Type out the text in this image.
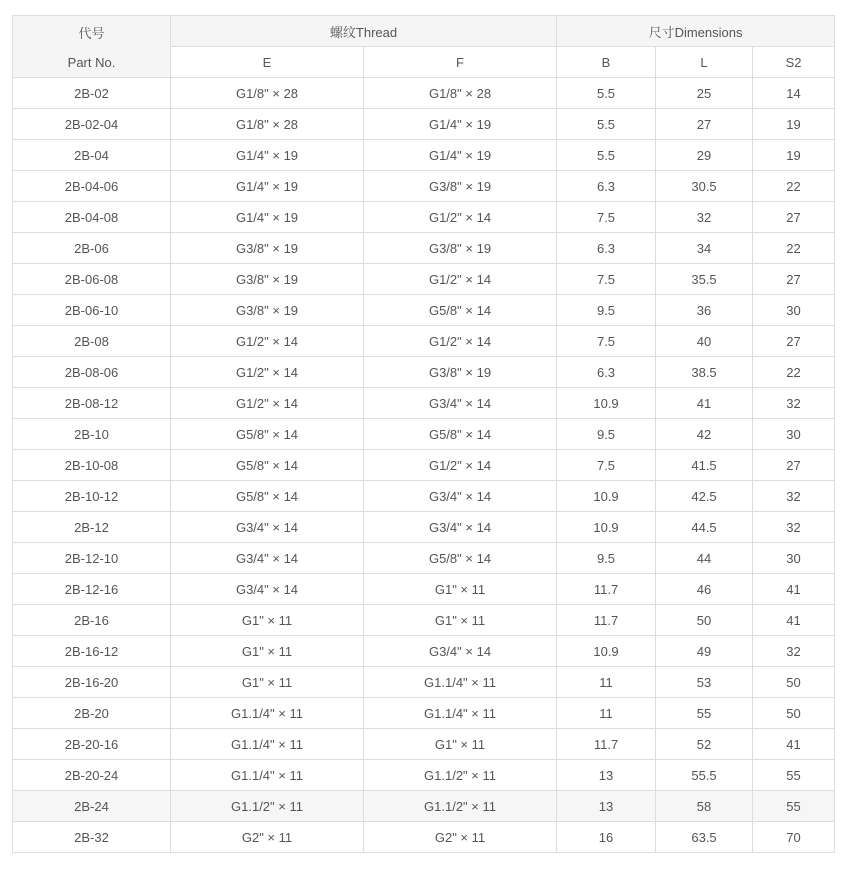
代号
Part No.	螺纹Thread		尺寸Dimensions		
	E	F	B	L	S2
2B-02	G1/8" × 28	G1/8" × 28	5.5	25	14
2B-02-04	G1/8" × 28	G1/4" × 19	5.5	27	19
2B-04	G1/4" × 19	G1/4" × 19	5.5	29	19
2B-04-06	G1/4" × 19	G3/8" × 19	6.3	30.5	22
2B-04-08	G1/4" × 19	G1/2" × 14	7.5	32	27
2B-06	G3/8" × 19	G3/8" × 19	6.3	34	22
2B-06-08	G3/8" × 19	G1/2" × 14	7.5	35.5	27
2B-06-10	G3/8" × 19	G5/8" × 14	9.5	36	30
2B-08	G1/2" × 14	G1/2" × 14	7.5	40	27
2B-08-06	G1/2" × 14	G3/8" × 19	6.3	38.5	22
2B-08-12	G1/2" × 14	G3/4" × 14	10.9	41	32
2B-10	G5/8" × 14	G5/8" × 14	9.5	42	30
2B-10-08	G5/8" × 14	G1/2" × 14	7.5	41.5	27
2B-10-12	G5/8" × 14	G3/4" × 14	10.9	42.5	32
2B-12	G3/4" × 14	G3/4" × 14	10.9	44.5	32
2B-12-10	G3/4" × 14	G5/8" × 14	9.5	44	30
2B-12-16	G3/4" × 14	G1" × 11	11.7	46	41
2B-16	G1" × 11	G1" × 11	11.7	50	41
2B-16-12	G1" × 11	G3/4" × 14	10.9	49	32
2B-16-20	G1" × 11	G1.1/4" × 11	11	53	50
2B-20	G1.1/4" × 11	G1.1/4" × 11	11	55	50
2B-20-16	G1.1/4" × 11	G1" × 11	11.7	52	41
2B-20-24	G1.1/4" × 11	G1.1/2" × 11	13	55.5	55
2B-24	G1.1/2" × 11	G1.1/2" × 11	13	58	55
2B-32	G2" × 11	G2" × 11	16	63.5	70
